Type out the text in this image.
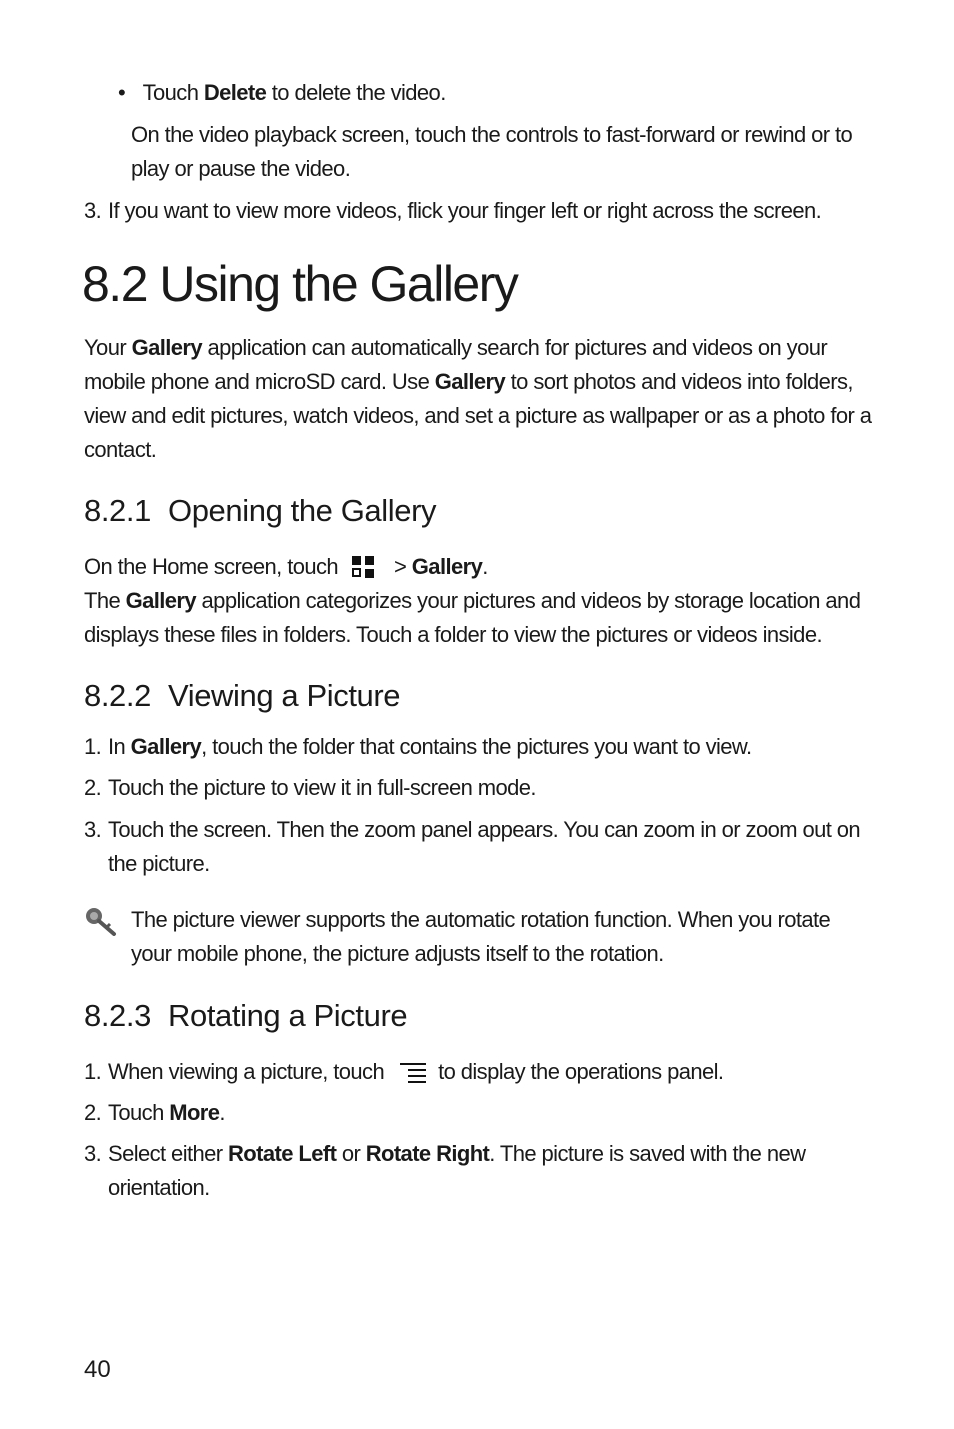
• Touch Delete to delete the video.
On the video playback screen, touch the controls to fast-forward or rewind or to play or pause the video.
3. If you want to view more videos, flick your finger left or right across the screen.
8.2 Using the Gallery
Your Gallery application can automatically search for pictures and videos on your mobile phone and microSD card. Use Gallery to sort photos and videos into folders, view and edit pictures, watch videos, and set a picture as wallpaper or as a photo for a contact.
8.2.1 Opening the Gallery
On the Home screen, touch	> Gallery.
The Gallery application categorizes your pictures and videos by storage location and displays these files in folders. Touch a folder to view the pictures or videos inside.
8.2.2 Viewing a Picture
1. In Gallery, touch the folder that contains the pictures you want to view.
2. Touch the picture to view it in full-screen mode.
3. Touch the screen. Then the zoom panel appears. You can zoom in or zoom out on the picture.
The picture viewer supports the automatic rotation function. When you rotate your mobile phone, the picture adjusts itself to the rotation.
8.2.3 Rotating a Picture
1. When viewing a picture, touch to display the operations panel.
2. Touch More.
3. Select either Rotate Left or Rotate Right. The picture is saved with the new orientation.
40
